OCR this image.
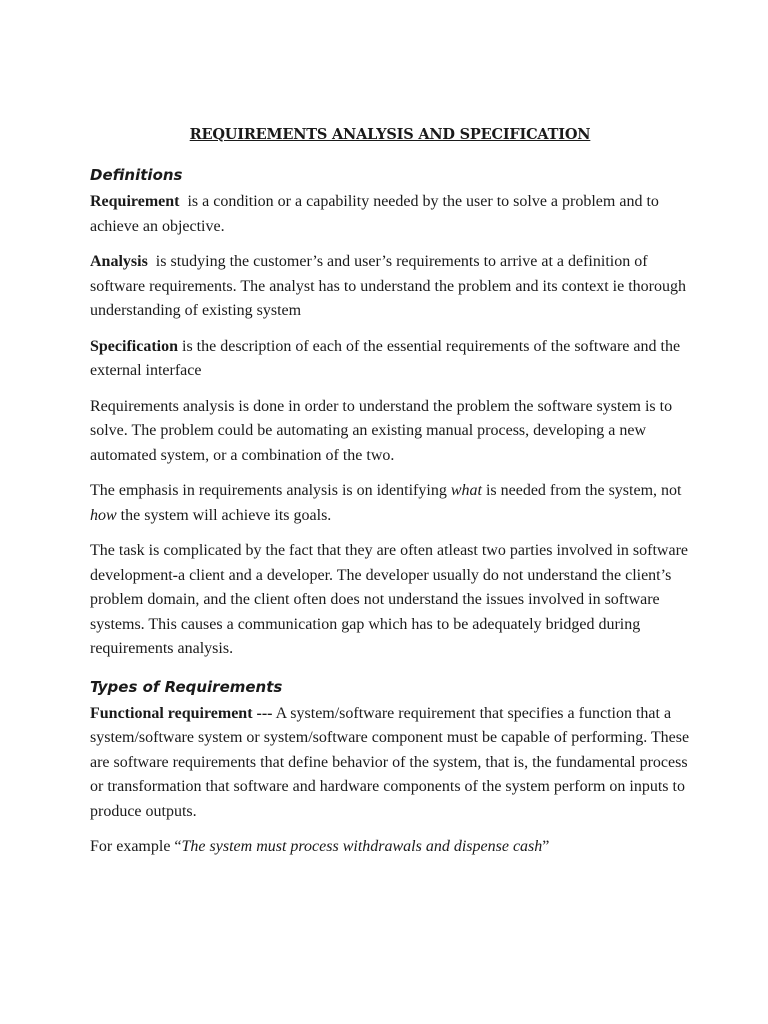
REQUIREMENTS ANALYSIS AND SPECIFICATION
Definitions

Requirement  is a condition or a capability needed by the user to solve a problem and to achieve an objective.

Analysis  is studying the customer’s and user’s requirements to arrive at a definition of software requirements. The analyst has to understand the problem and its context ie thorough understanding of existing system

Specification is the description of each of the essential requirements of the software and the external interface

Requirements analysis is done in order to understand the problem the software system is to solve. The problem could be automating an existing manual process, developing a new automated system, or a combination of the two.

The emphasis in requirements analysis is on identifying what is needed from the system, not how the system will achieve its goals.

The task is complicated by the fact that they are often atleast two parties involved in software development-a client and a developer. The developer usually do not understand the client’s problem domain, and the client often does not understand the issues involved in software systems. This causes a communication gap which has to be adequately bridged during requirements analysis.

Types of Requirements

Functional requirement --- A system/software requirement that specifies a function that a system/software system or system/software component must be capable of performing. These are software requirements that define behavior of the system, that is, the fundamental process or transformation that software and hardware components of the system perform on inputs to produce outputs.

For example “The system must process withdrawals and dispense cash”
